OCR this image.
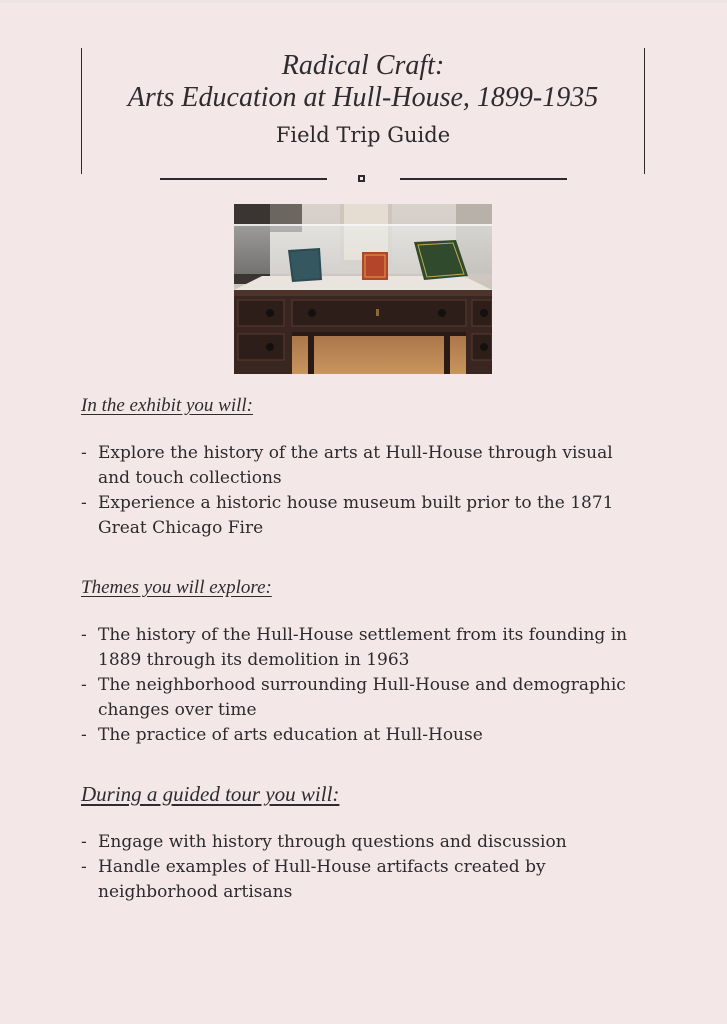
Radical Craft:
Arts Education at Hull-House, 1899-1935
Field Trip Guide

In the exhibit you will:

- Explore the history of the arts at Hull-House through visual and touch collections
- Experience a historic house museum built prior to the 1871 Great Chicago Fire

Themes you will explore:

- The history of the Hull-House settlement from its founding in 1889 through its demolition in 1963
- The neighborhood surrounding Hull-House and demographic changes over time
- The practice of arts education at Hull-House

During a guided tour you will:

- Engage with history through questions and discussion
- Handle examples of Hull-House artifacts created by neighborhood artisans
